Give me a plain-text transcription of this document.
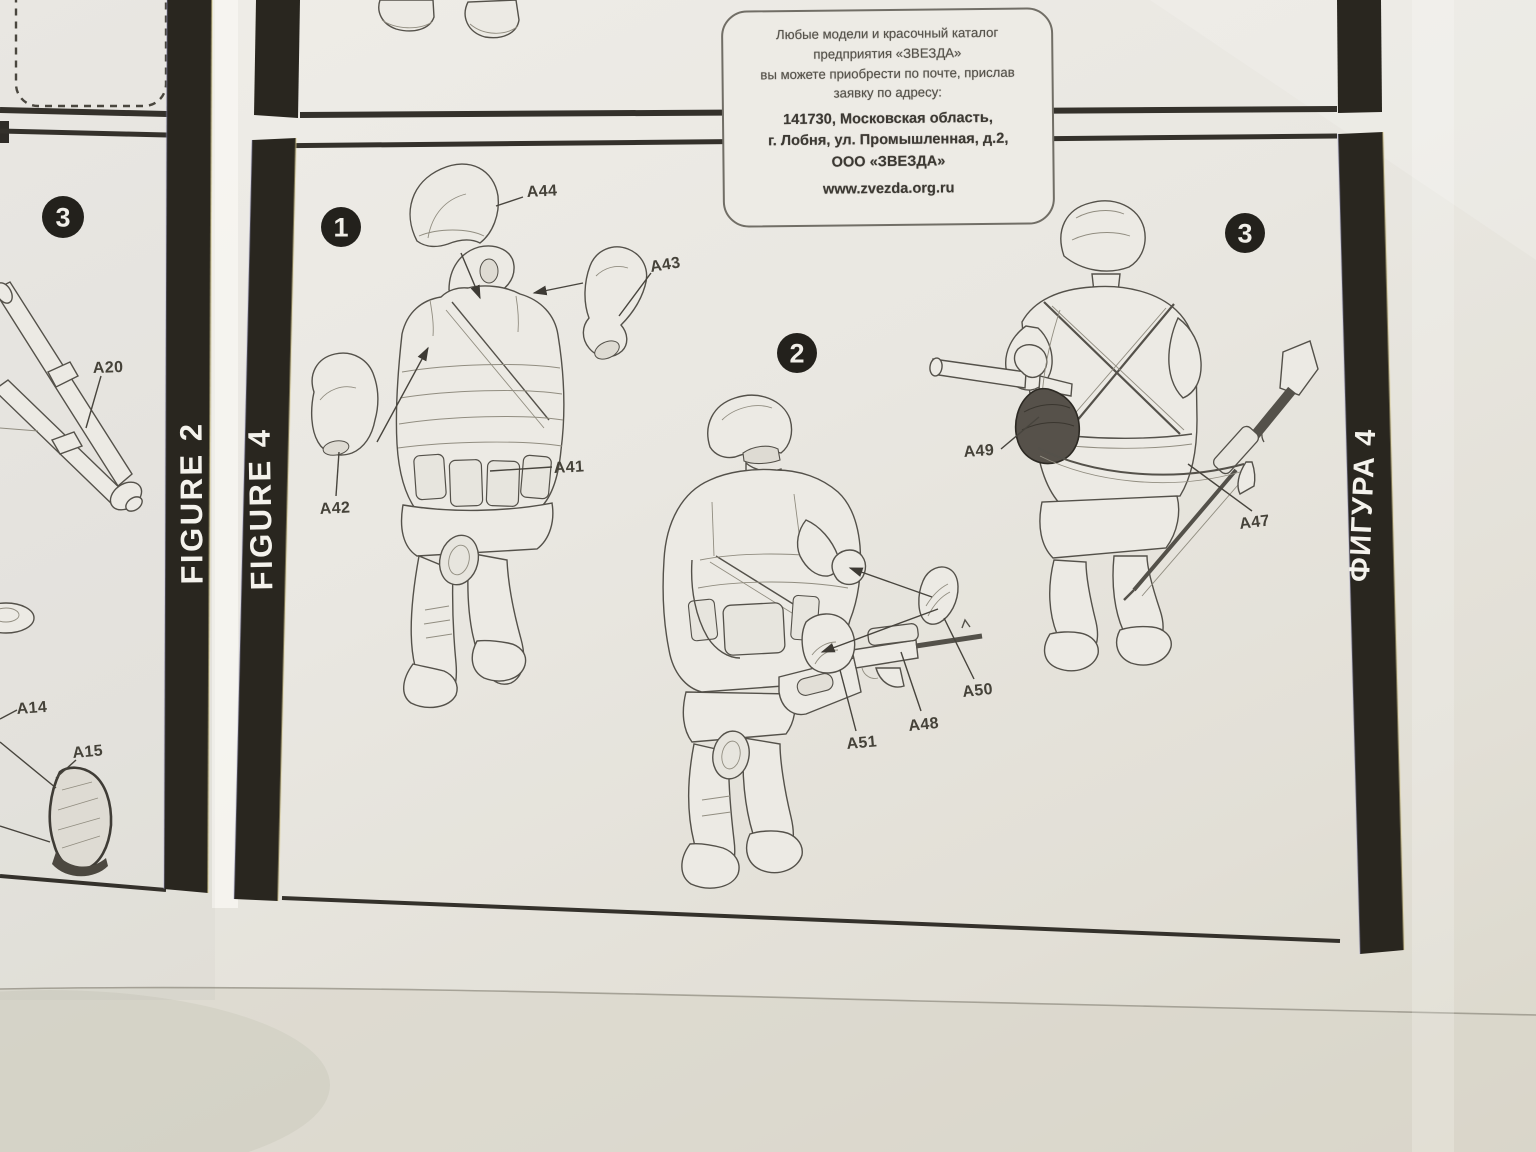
3	1
2
3
A44
A43
A42
A41
A20
A14
A15
A49
A47
A50
A48
A51
FIGURE 2 FIGURE 4	ФИГУРА 4
Любые модели и красочный каталог
предприятия «ЗВЕЗДА»
вы можете приобрести по почте, прислав
заявку по адресу:
141730, Московская область,
г. Лобня, ул. Промышленная, д.2,
ООО «ЗВЕЗДА»
www.zvezda.org.ru
